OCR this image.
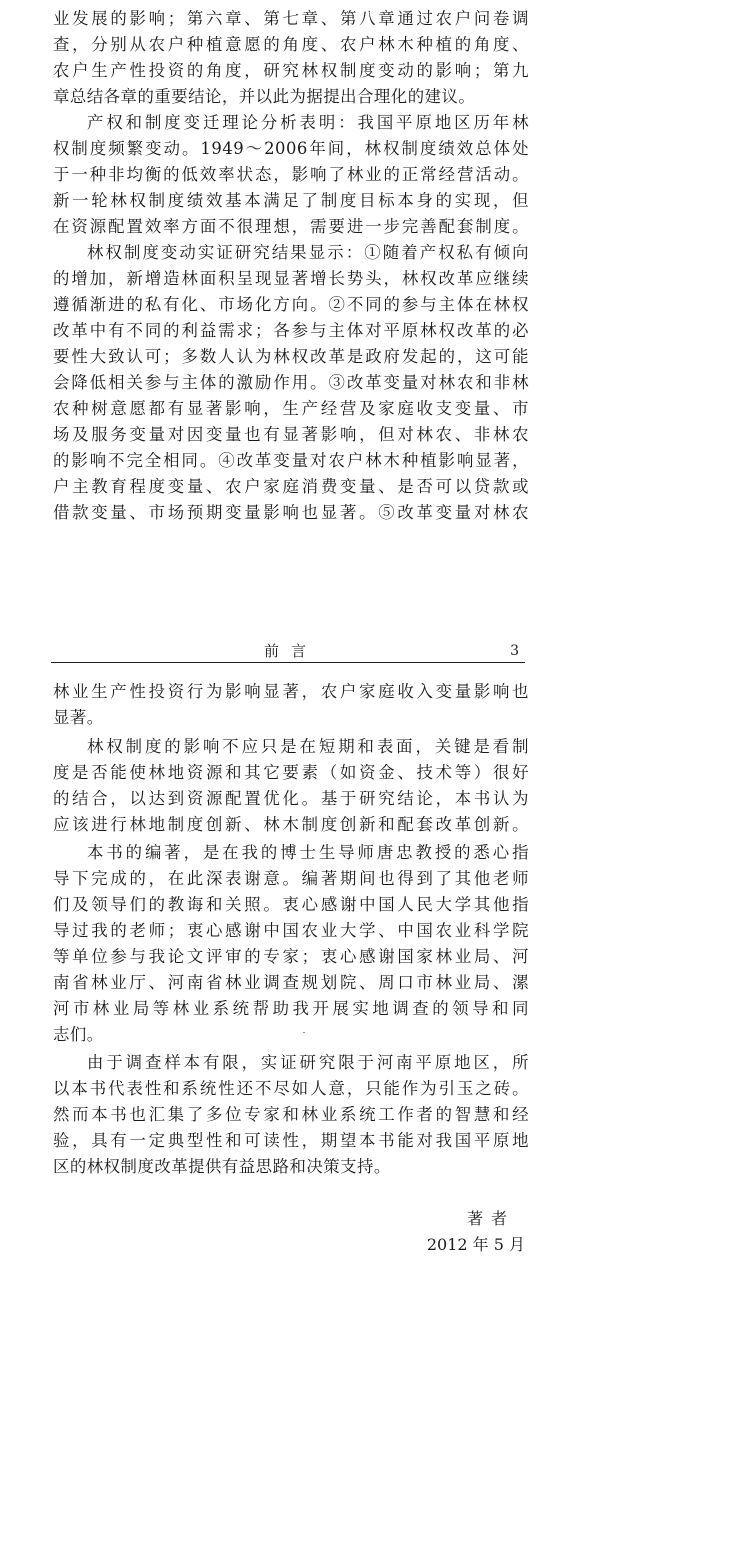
业发展的影响；第六章、第七章、第八章通过农户问卷调
查，分别从农户种植意愿的角度、农户林木种植的角度、
农户生产性投资的角度，研究林权制度变动的影响；第九
章总结各章的重要结论，并以此为据提出合理化的建议。
产权和制度变迁理论分析表明：我国平原地区历年林
权制度频繁变动。1949～2006年间，林权制度绩效总体处
于一种非均衡的低效率状态，影响了林业的正常经营活动。
新一轮林权制度绩效基本满足了制度目标本身的实现，但
在资源配置效率方面不很理想，需要进一步完善配套制度。
林权制度变动实证研究结果显示：①随着产权私有倾向
的增加，新增造林面积呈现显著增长势头，林权改革应继续
遵循渐进的私有化、市场化方向。②不同的参与主体在林权
改革中有不同的利益需求；各参与主体对平原林权改革的必
要性大致认可；多数人认为林权改革是政府发起的，这可能
会降低相关参与主体的激励作用。③改革变量对林农和非林
农种树意愿都有显著影响，生产经营及家庭收支变量、市
场及服务变量对因变量也有显著影响，但对林农、非林农
的影响不完全相同。④改革变量对农户林木种植影响显著，
户主教育程度变量、农户家庭消费变量、是否可以贷款或
借款变量、市场预期变量影响也显著。⑤改革变量对林农
前言	3
林业生产性投资行为影响显著，农户家庭收入变量影响也
显著。
林权制度的影响不应只是在短期和表面，关键是看制
度是否能使林地资源和其它要素（如资金、技术等）很好
的结合，以达到资源配置优化。基于研究结论，本书认为
应该进行林地制度创新、林木制度创新和配套改革创新。
本书的编著，是在我的博士生导师唐忠教授的悉心指
导下完成的，在此深表谢意。编著期间也得到了其他老师
们及领导们的教诲和关照。衷心感谢中国人民大学其他指
导过我的老师；衷心感谢中国农业大学、中国农业科学院
等单位参与我论文评审的专家；衷心感谢国家林业局、河
南省林业厅、河南省林业调查规划院、周口市林业局、漯
河市林业局等林业系统帮助我开展实地调查的领导和同
志们。
由于调查样本有限，实证研究限于河南平原地区，所
以本书代表性和系统性还不尽如人意，只能作为引玉之砖。
然而本书也汇集了多位专家和林业系统工作者的智慧和经
验，具有一定典型性和可读性，期望本书能对我国平原地
区的林权制度改革提供有益思路和决策支持。
著者
2012 年 5 月
